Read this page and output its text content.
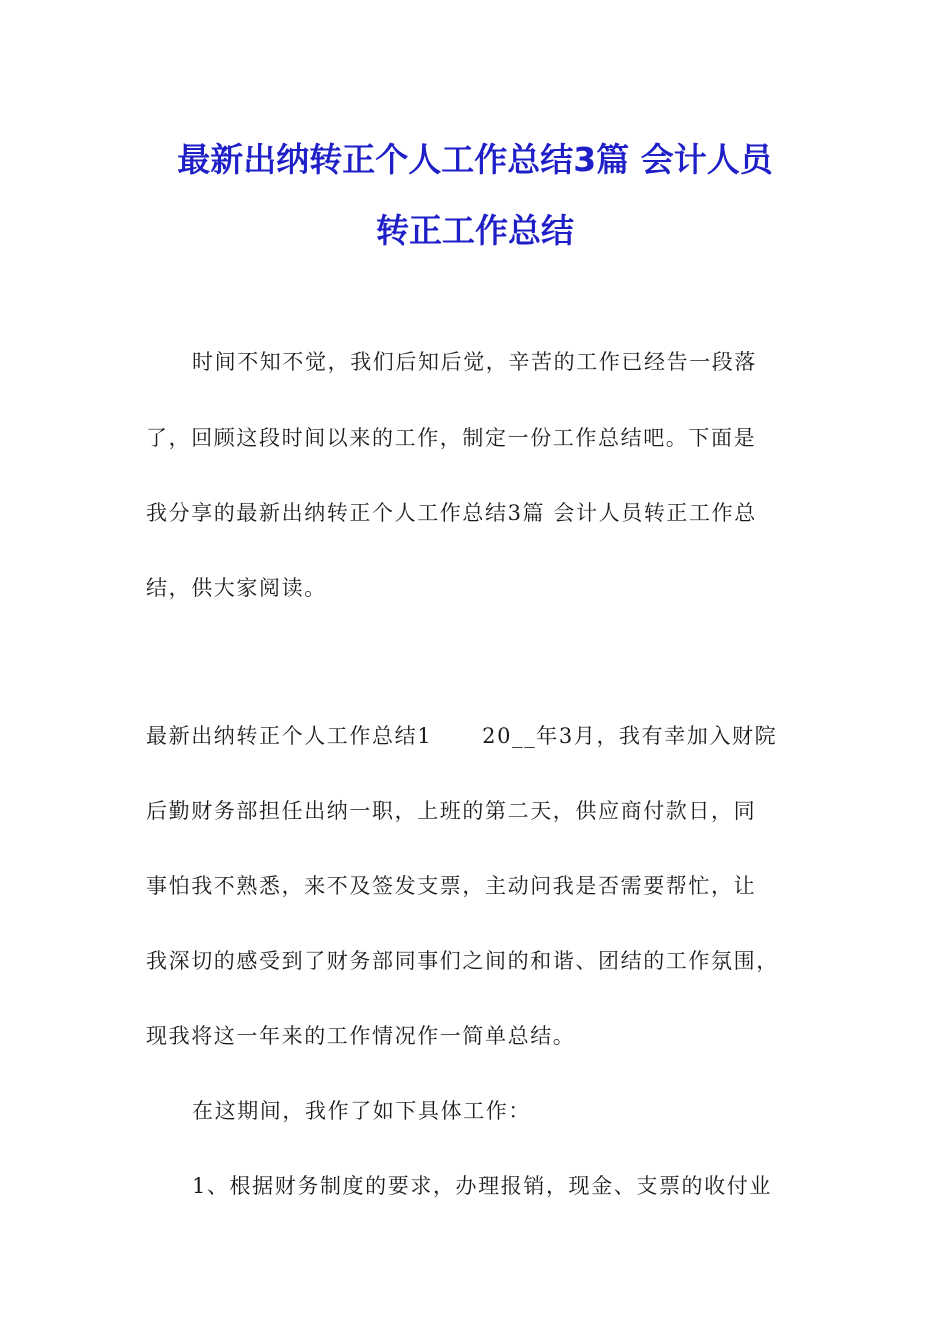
最新出纳转正个人工作总结3篇 会计人员
转正工作总结
时间不知不觉，我们后知后觉，辛苦的工作已经告一段落
了，回顾这段时间以来的工作，制定一份工作总结吧。下面是
我分享的最新出纳转正个人工作总结3篇 会计人员转正工作总
结，供大家阅读。
最新出纳转正个人工作总结1 20__年3月，我有幸加入财院
后勤财务部担任出纳一职，上班的第二天，供应商付款日，同
事怕我不熟悉，来不及签发支票，主动问我是否需要帮忙，让
我深切的感受到了财务部同事们之间的和谐、团结的工作氛围，
现我将这一年来的工作情况作一简单总结。
在这期间，我作了如下具体工作：
1、根据财务制度的要求，办理报销，现金、支票的收付业
